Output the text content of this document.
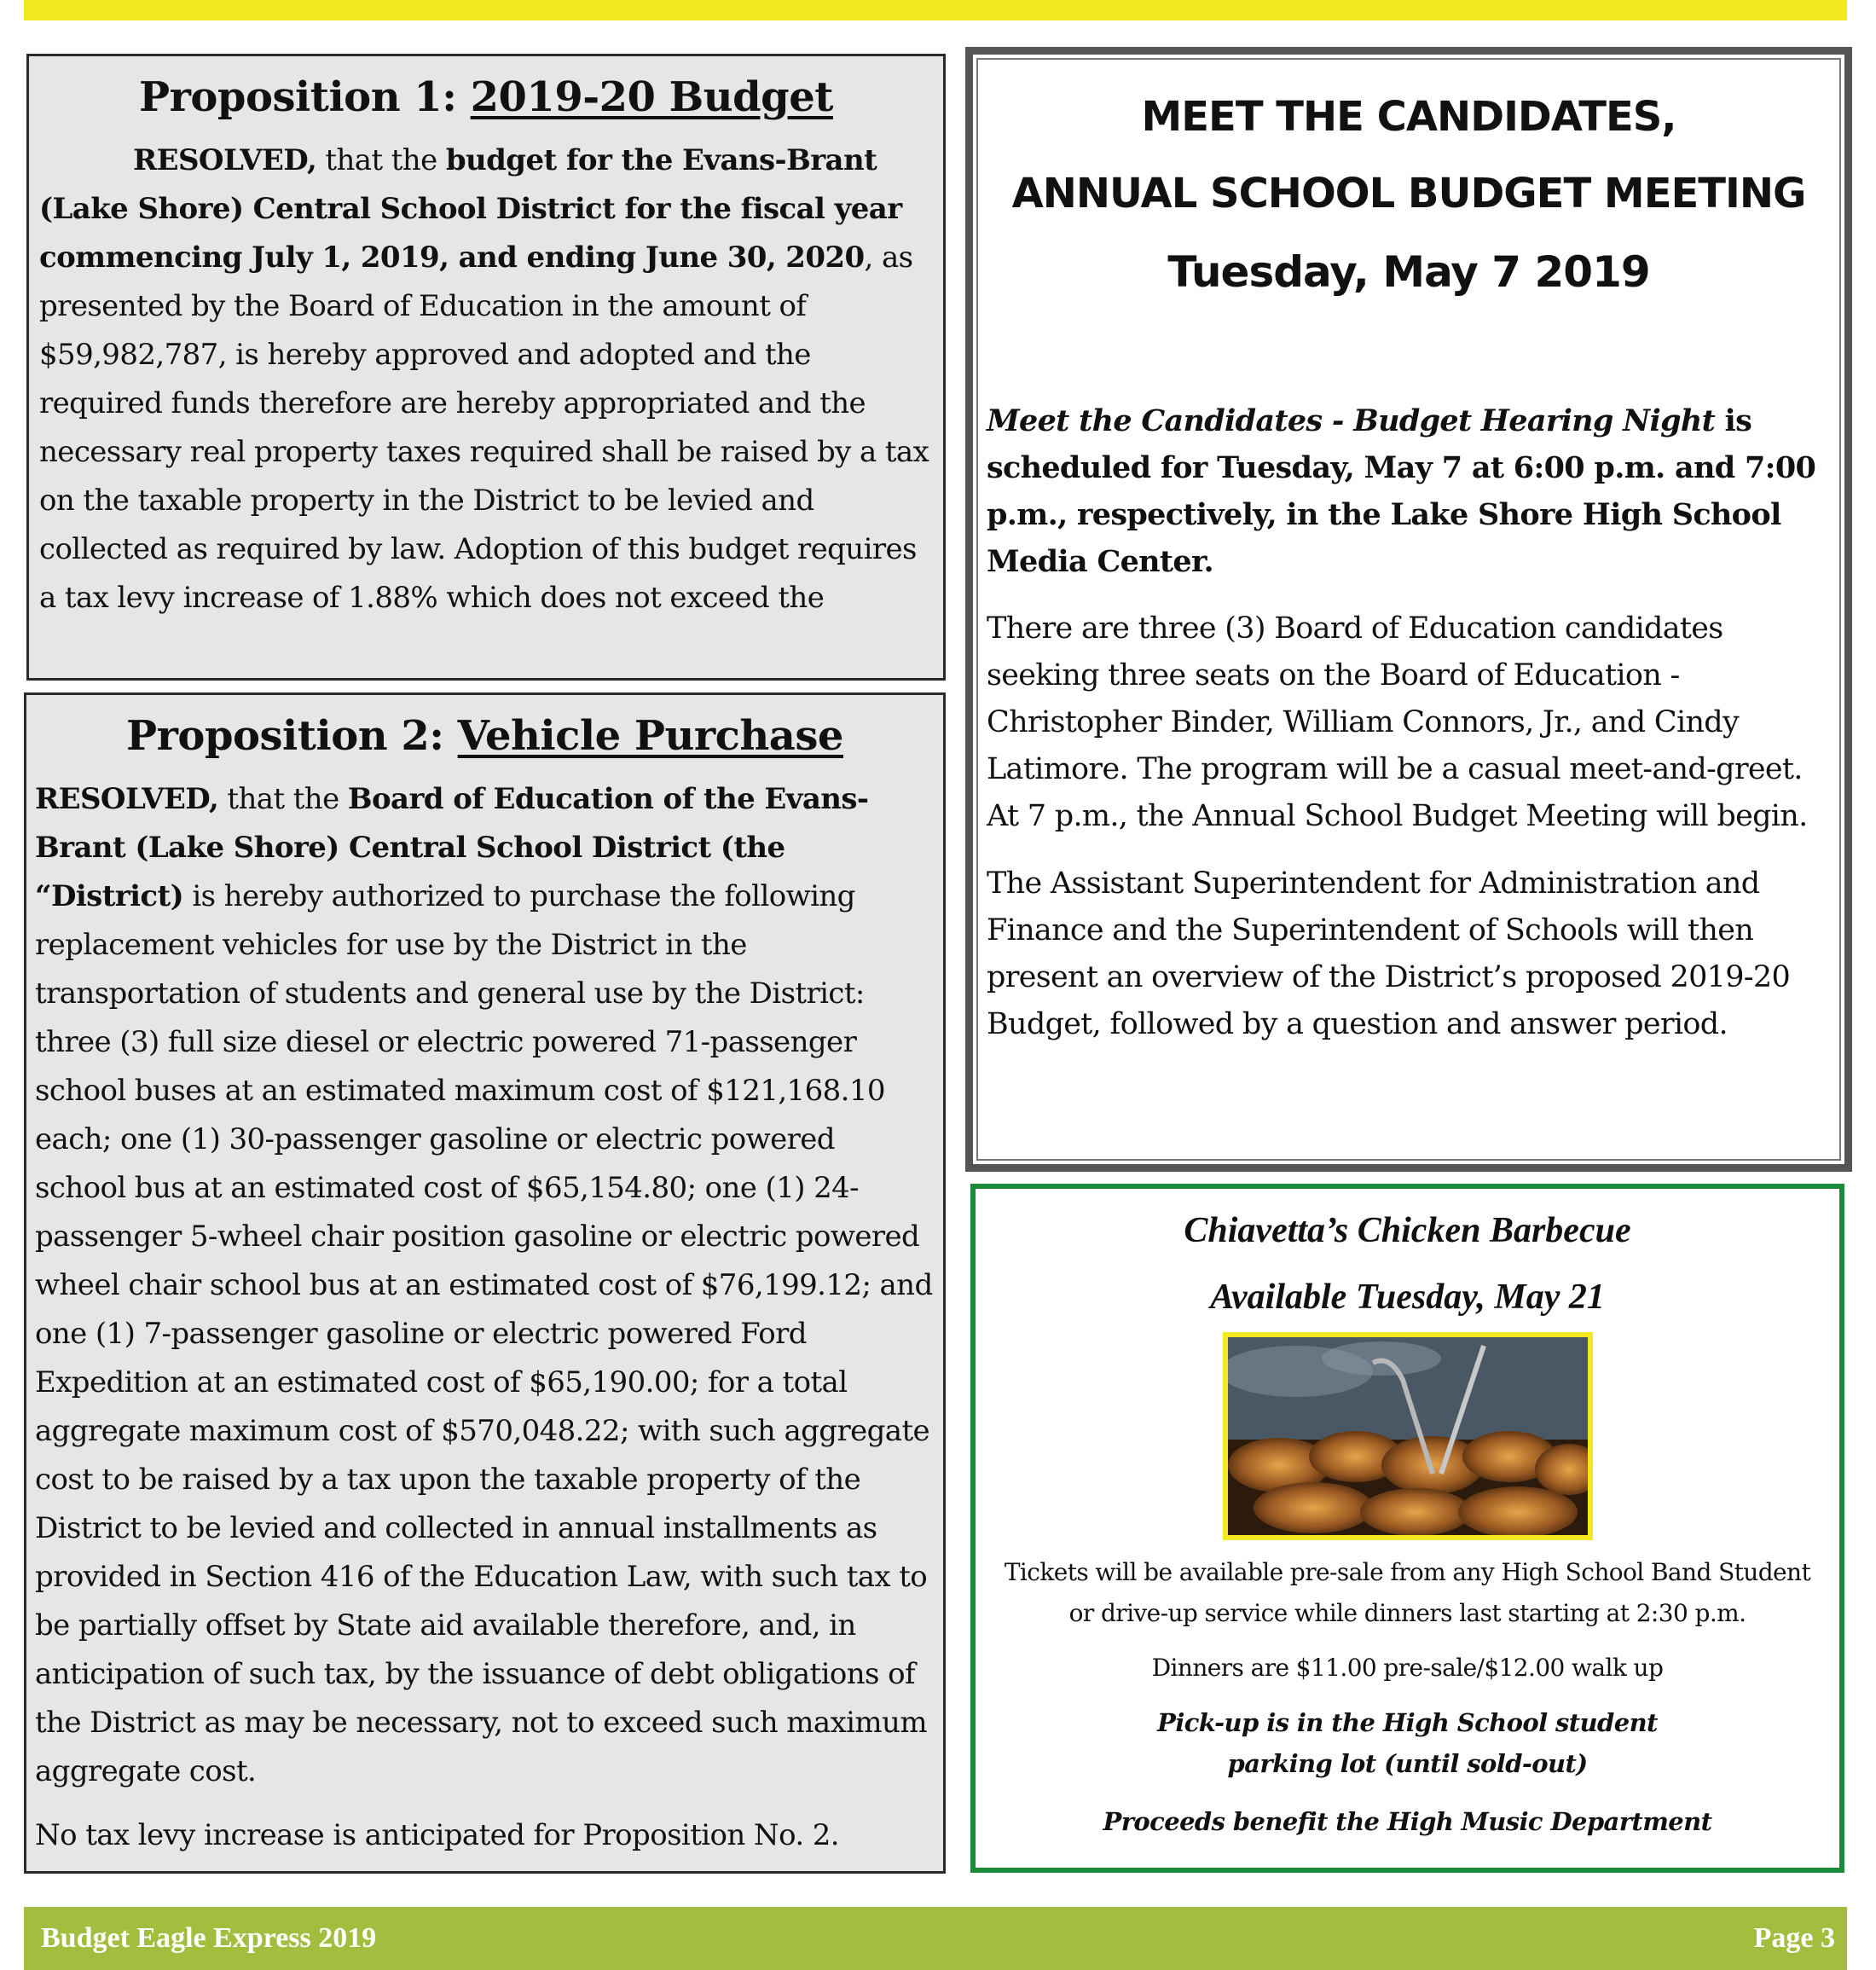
Proposition 1: 2019-20 Budget
RESOLVED, that the budget for the Evans-Brant (Lake Shore) Central School District for the fiscal year commencing July 1, 2019, and ending June 30, 2020, as presented by the Board of Education in the amount of $59,982,787, is hereby approved and adopted and the required funds therefore are hereby appropriated and the necessary real property taxes required shall be raised by a tax on the taxable property in the District to be levied and collected as required by law. Adoption of this budget requires a tax levy increase of 1.88% which does not exceed the
Proposition 2: Vehicle Purchase
RESOLVED, that the Board of Education of the Evans-Brant (Lake Shore) Central School District (the “District) is hereby authorized to purchase the following replacement vehicles for use by the District in the transportation of students and general use by the District: three (3) full size diesel or electric powered 71-passenger school buses at an estimated maximum cost of $121,168.10 each; one (1) 30-passenger gasoline or electric powered school bus at an estimated cost of $65,154.80; one (1) 24-passenger 5-wheel chair position gasoline or electric powered wheel chair school bus at an estimated cost of $76,199.12; and one (1) 7-passenger gasoline or electric powered Ford Expedition at an estimated cost of $65,190.00; for a total aggregate maximum cost of $570,048.22; with such aggregate cost to be raised by a tax upon the taxable property of the District to be levied and collected in annual installments as provided in Section 416 of the Education Law, with such tax to be partially offset by State aid available therefore, and, in anticipation of such tax, by the issuance of debt obligations of the District as may be necessary, not to exceed such maximum aggregate cost.
No tax levy increase is anticipated for Proposition No. 2.
MEET THE CANDIDATES,
ANNUAL SCHOOL BUDGET MEETING
Tuesday, May 7 2019
Meet the Candidates - Budget Hearing Night is scheduled for Tuesday, May 7 at 6:00 p.m. and 7:00 p.m., respectively, in the Lake Shore High School Media Center.
There are three (3) Board of Education candidates seeking three seats on the Board of Education - Christopher Binder, William Connors, Jr., and Cindy Latimore. The program will be a casual meet-and-greet. At 7 p.m., the Annual School Budget Meeting will begin.
The Assistant Superintendent for Administration and Finance and the Superintendent of Schools will then present an overview of the District’s proposed 2019-20 Budget, followed by a question and answer period.
Chiavetta’s Chicken Barbecue
Available Tuesday, May 21
Tickets will be available pre-sale from any High School Band Student
or drive-up service while dinners last starting at 2:30 p.m.
Dinners are $11.00 pre-sale/$12.00 walk up
Pick-up is in the High School student
parking lot (until sold-out)
Proceeds benefit the High Music Department
Budget Eagle Express 2019	Page 3
